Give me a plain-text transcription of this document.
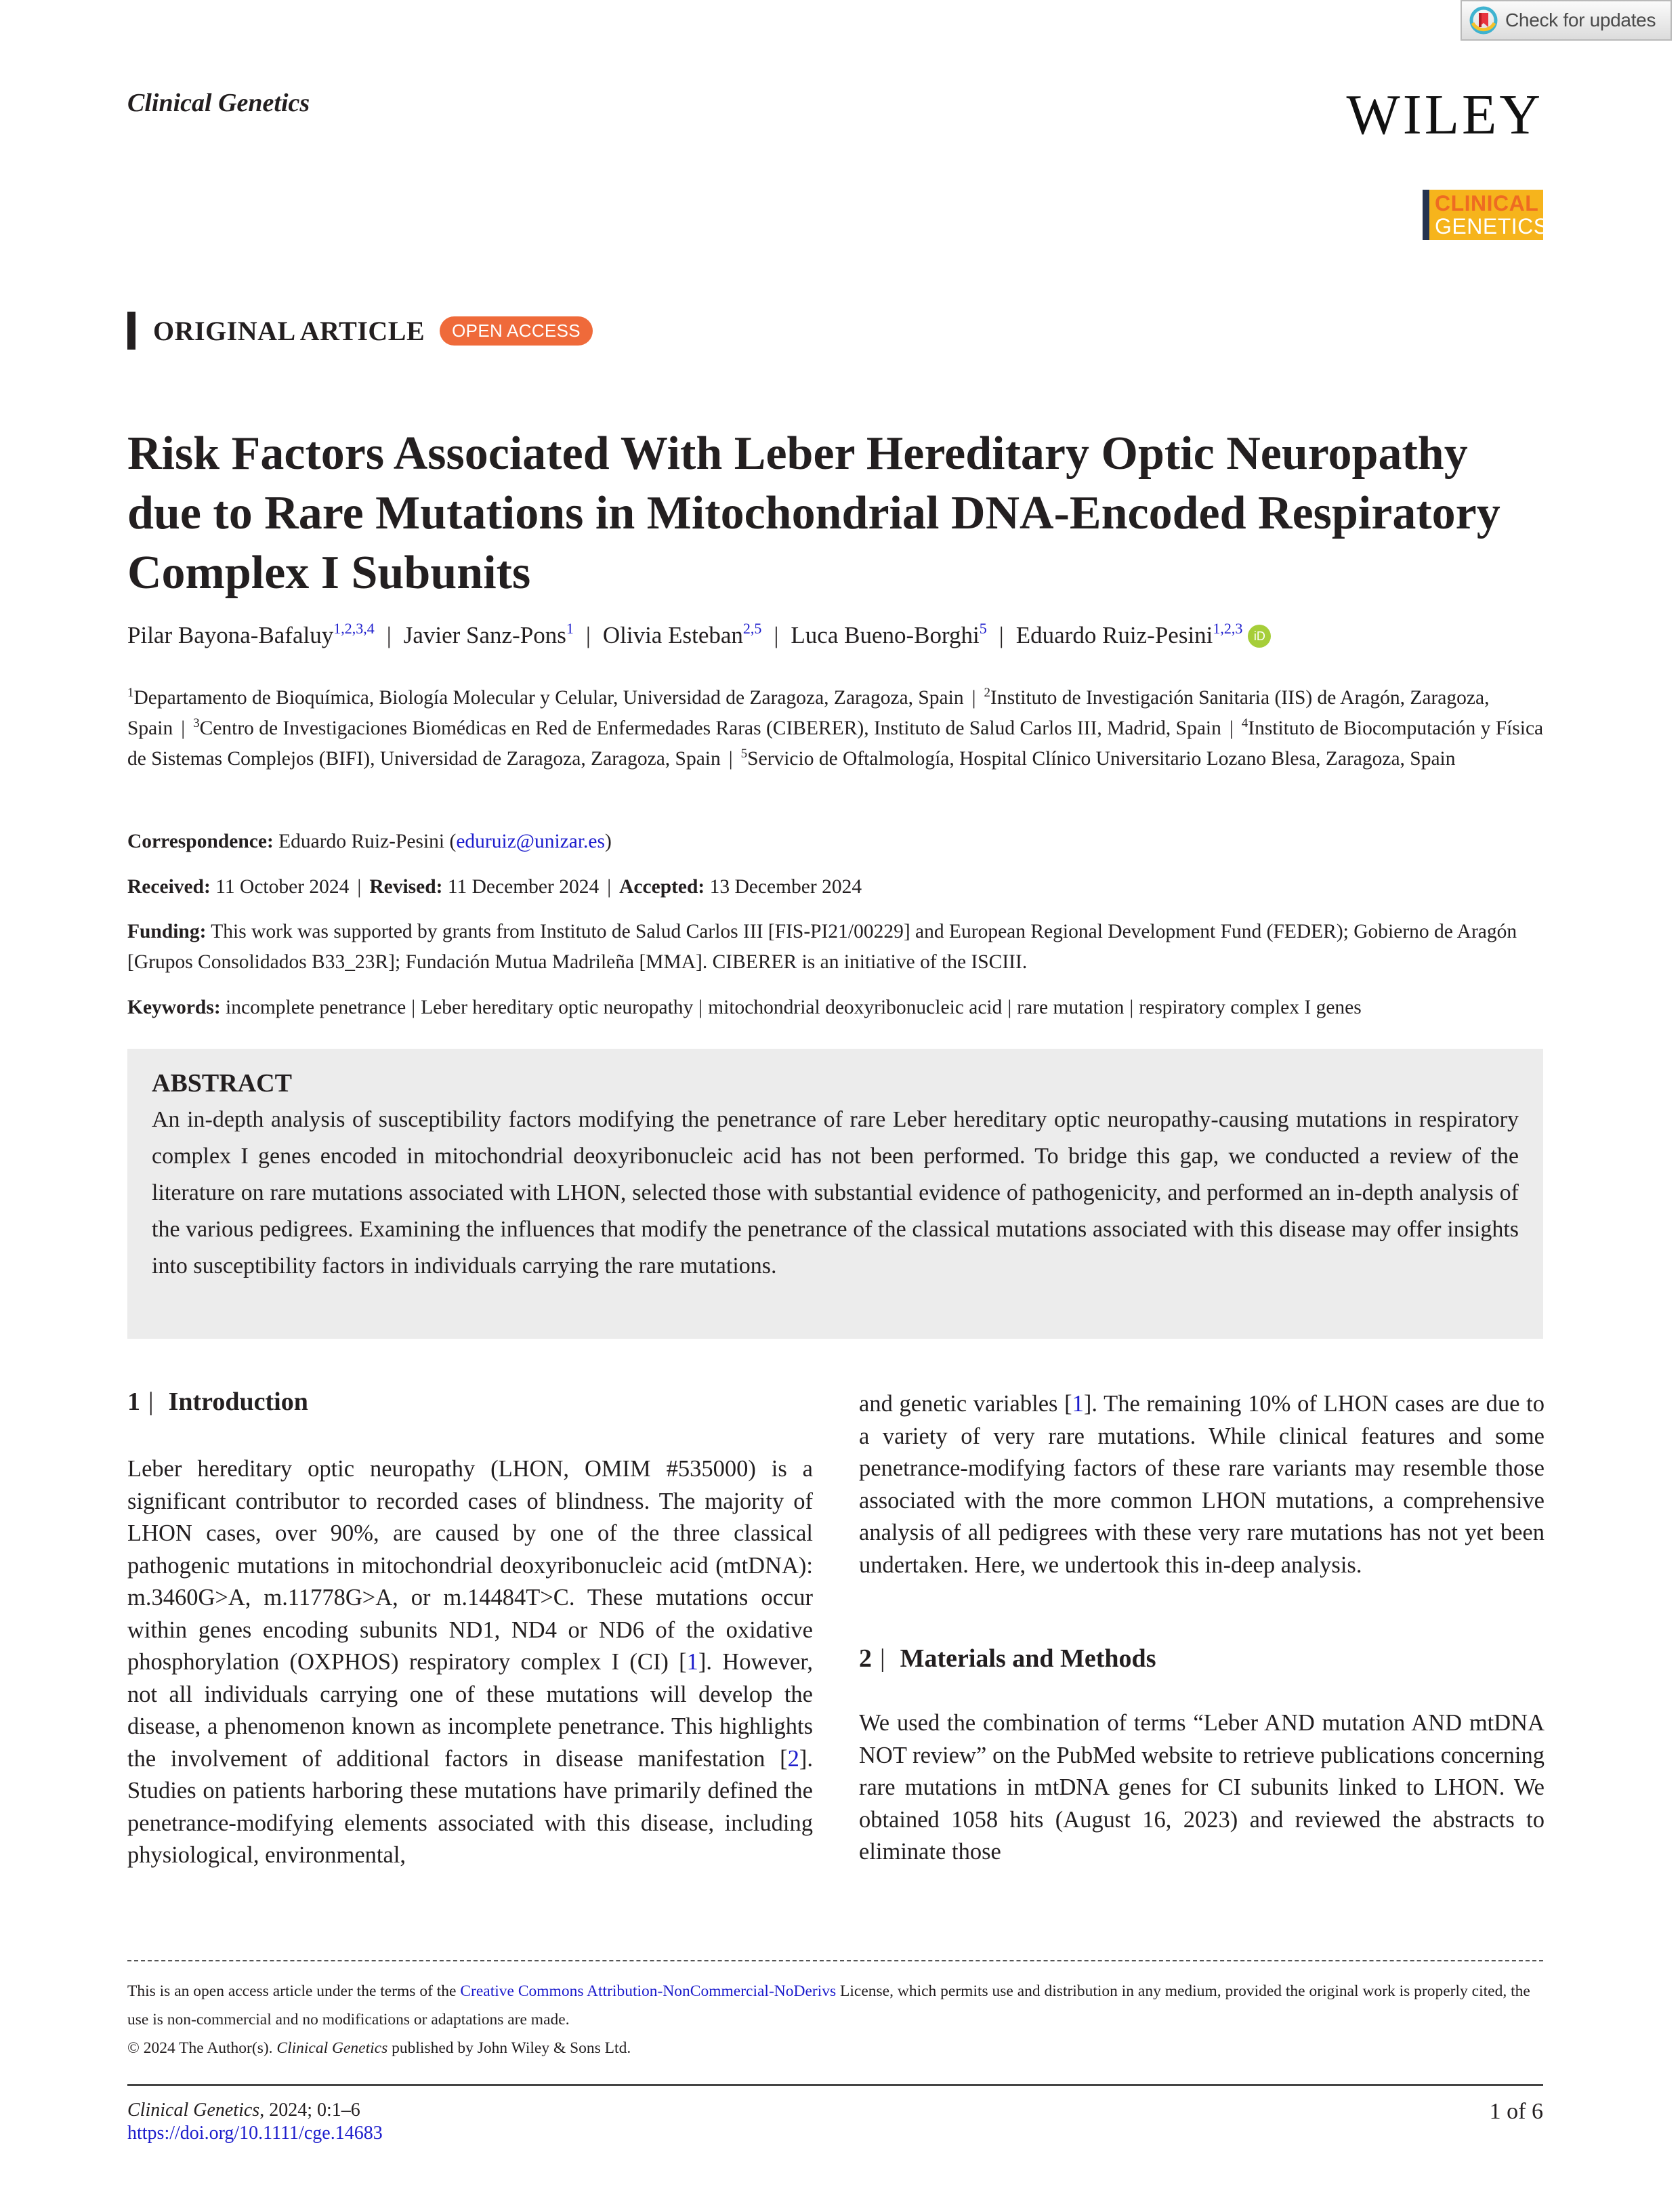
Check for updates
Clinical Genetics	WILEY
CLINICAL
GENETICS
ORIGINAL ARTICLE	OPEN ACCESS
Risk Factors Associated With Leber Hereditary Optic Neuropathy due to Rare Mutations in Mitochondrial DNA-Encoded Respiratory Complex I Subunits
Pilar Bayona-Bafaluy$^{1,2,3,4}$ | Javier Sanz-Pons$^1$ | Olivia Esteban$^{2,5}$ | Luca Bueno-Borghi$^5$ | Eduardo Ruiz-Pesini$^{1,2,3}$ iD
$^1$Departamento de Bioquímica, Biología Molecular y Celular, Universidad de Zaragoza, Zaragoza, Spain | $^2$Instituto de Investigación Sanitaria (IIS) de Aragón, Zaragoza, Spain | $^3$Centro de Investigaciones Biomédicas en Red de Enfermedades Raras (CIBERER), Instituto de Salud Carlos III, Madrid, Spain | $^4$Instituto de Biocomputación y Física de Sistemas Complejos (BIFI), Universidad de Zaragoza, Zaragoza, Spain | $^5$Servicio de Oftalmología, Hospital Clínico Universitario Lozano Blesa, Zaragoza, Spain
Correspondence: Eduardo Ruiz-Pesini (eduruiz@unizar.es)
Received: 11 October 2024 | Revised: 11 December 2024 | Accepted: 13 December 2024
Funding: This work was supported by grants from Instituto de Salud Carlos III [FIS-PI21/00229] and European Regional Development Fund (FEDER); Gobierno de Aragón [Grupos Consolidados B33_23R]; Fundación Mutua Madrileña [MMA]. CIBERER is an initiative of the ISCIII.
Keywords: incomplete penetrance | Leber hereditary optic neuropathy | mitochondrial deoxyribonucleic acid | rare mutation | respiratory complex I genes
ABSTRACT

An in-depth analysis of susceptibility factors modifying the penetrance of rare Leber hereditary optic neuropathy-causing mutations in respiratory complex I genes encoded in mitochondrial deoxyribonucleic acid has not been performed. To bridge this gap, we conducted a review of the literature on rare mutations associated with LHON, selected those with substantial evidence of pathogenicity, and performed an in-depth analysis of the various pedigrees. Examining the influences that modify the penetrance of the classical mutations associated with this disease may offer insights into susceptibility factors in individuals carrying the rare mutations.

1 | Introduction

Leber hereditary optic neuropathy (LHON, OMIM #535000) is a significant contributor to recorded cases of blindness. The majority of LHON cases, over 90%, are caused by one of the three classical pathogenic mutations in mitochondrial deoxyribonucleic acid (mtDNA): m.3460G>A, m.11778G>A, or m.14484T>C. These mutations occur within genes encoding subunits ND1, ND4 or ND6 of the oxidative phosphorylation (OXPHOS) respiratory complex I (CI) [1]. However, not all individuals carrying one of these mutations will develop the disease, a phenomenon known as incomplete penetrance. This highlights the involvement of additional factors in disease manifestation [2]. Studies on patients harboring these mutations have primarily defined the penetrance-modifying elements associated with this disease, including physiological, environmental,

and genetic variables [1]. The remaining 10% of LHON cases are due to a variety of very rare mutations. While clinical features and some penetrance-modifying factors of these rare variants may resemble those associated with the more common LHON mutations, a comprehensive analysis of all pedigrees with these very rare mutations has not yet been undertaken. Here, we undertook this in-deep analysis.

2 | Materials and Methods

We used the combination of terms “Leber AND mutation AND mtDNA NOT review” on the PubMed website to retrieve publications concerning rare mutations in mtDNA genes for CI subunits linked to LHON. We obtained 1058 hits (August 16, 2023) and reviewed the abstracts to eliminate those

This is an open access article under the terms of the Creative Commons Attribution-NonCommercial-NoDerivs License, which permits use and distribution in any medium, provided the original work is properly cited, the use is non-commercial and no modifications or adaptations are made.
© 2024 The Author(s). Clinical Genetics published by John Wiley & Sons Ltd.
Clinical Genetics, 2024; 0:1–6
https://doi.org/10.1111/cge.14683
1 of 6
